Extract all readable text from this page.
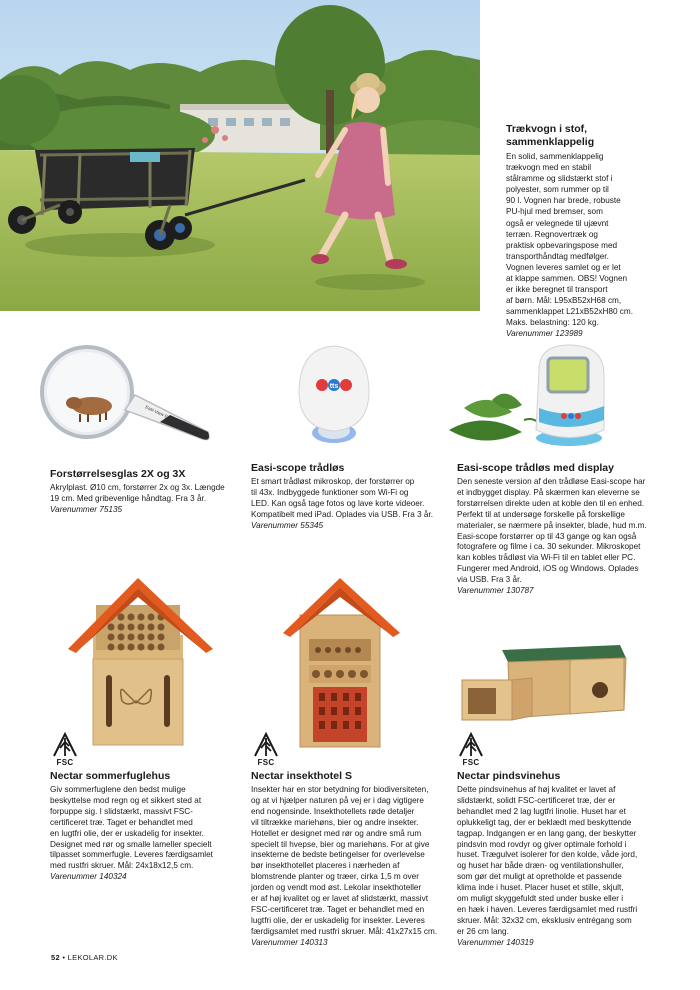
Trækvogn i stof,
sammenklappelig
En solid, sammenklappelig
trækvogn med en stabil
stålramme og slidstærkt stof i
polyester, som rummer op til
90 l. Vognen har brede, robuste
PU-hjul med bremser, som
også er velegnede til ujævnt
terræn. Regnovertræk og
praktisk opbevaringspose med
transporthåndtag medfølger.
Vognen leveres samlet og er let
at klappe sammen. OBS! Vognen
er ikke beregnet til transport
af børn. Mål: L95xB52xH68 cm,
sammenklappet L21xB52xH80 cm.
Maks. belastning: 120 kg.
Varenummer 123989
Easi-View Explorer
tts
Forstørrelsesglas 2X og 3X
Akrylplast. Ø10 cm, forstørrer 2x og 3x. Længde
19 cm. Med gribevenlige håndtag. Fra 3 år.
Varenummer 75135
Easi-scope trådløs
Et smart trådløst mikroskop, der forstørrer op
til 43x. Indbyggede funktioner som Wi-Fi og
LED. Kan også tage fotos og lave korte videoer.
Kompatibelt med iPad. Oplades via USB. Fra 3 år.
Varenummer 55345
Easi-scope trådløs med display
Den seneste version af den trådløse Easi-scope har
et indbygget display. På skærmen kan eleverne se
forstørrelsen direkte uden at koble den til en enhed.
Perfekt til at undersøge forskelle på forskellige
materialer, se nærmere på insekter, blade, hud m.m.
Easi-scope forstørrer op til 43 gange og kan også
fotografere og filme i ca. 30 sekunder. Mikroskopet
kan kobles trådløst via Wi-Fi til en tablet eller PC.
Fungerer med Android, iOS og Windows. Oplades
via USB. Fra 3 år.
Varenummer 130787
FSC	FSC	FSC
Nectar sommerfuglehus
Giv sommerfuglene den bedst mulige
beskyttelse mod regn og et sikkert sted at
forpuppe sig. I slidstærkt, massivt FSC-
certificeret træ. Taget er behandlet med
en lugtfri olie, der er uskadelig for insekter.
Designet med rør og smalle lameller specielt
tilpasset sommerfugle. Leveres færdigsamlet
med rustfri skruer. Mål: 24x18x12,5 cm.
Varenummer 140324
Nectar insekthotel S
Insekter har en stor betydning for biodiversiteten,
og at vi hjælper naturen på vej er i dag vigtigere
end nogensinde. Insekthotellets røde detaljer
vil tiltrække mariehøns, bier og andre insekter.
Hotellet er designet med rør og andre små rum
specielt til hvepse, bier og mariehøns. For at give
insekterne de bedste betingelser for overlevelse
bør insekthotellet placeres i nærheden af
blomstrende planter og træer, cirka 1,5 m over
jorden og vendt mod øst. Lekolar insekthoteller
er af høj kvalitet og er lavet af slidstærkt, massivt
FSC-certificeret træ. Taget er behandlet med en
lugtfri olie, der er uskadelig for insekter. Leveres
færdigsamlet med rustfri skruer. Mål: 41x27x15 cm.
Varenummer 140313
Nectar pindsvinehus
Dette pindsvinehus af høj kvalitet er lavet af
slidstærkt, solidt FSC-certificeret træ, der er
behandlet med 2 lag lugtfri linolie. Huset har et
oplukkeligt tag, der er beklædt med beskyttende
tagpap. Indgangen er en lang gang, der beskytter
pindsvin mod rovdyr og giver optimale forhold i
huset. Trægulvet isolerer for den kolde, våde jord,
og huset har både dræn- og ventilationshuller,
som gør det muligt at opretholde et passende
klima inde i huset. Placer huset et stille, skjult,
om muligt skyggefuldt sted under buske eller i
en hæk i haven. Leveres færdigsamlet med rustfri
skruer. Mål: 32x32 cm, eksklusiv entrégang som
er 26 cm lang.
Varenummer 140319
52 • LEKOLAR.DK
